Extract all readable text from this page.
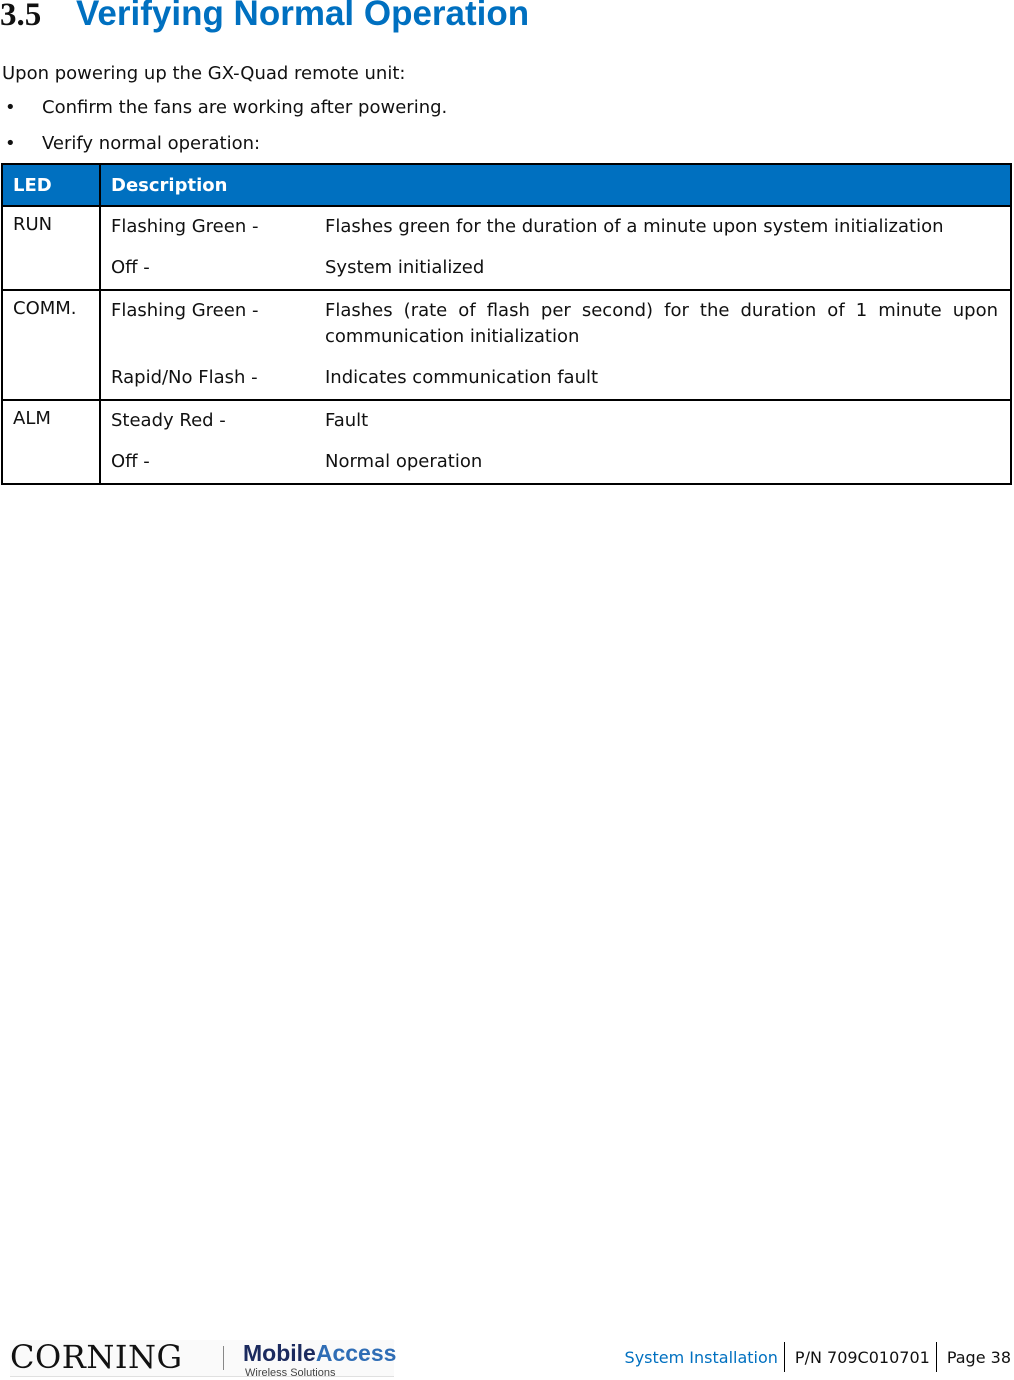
3.5 Verifying Normal Operation
Upon powering up the GX-Quad remote unit:
• Confirm the fans are working after powering.
• Verify normal operation:
LED	Description
RUN	Flashing Green - Flashes green for the duration of a minute upon system initialization
Off - System initialized

COMM.	Flashing Green - Flashes (rate of flash per second) for the duration of 1 minute upon communication initialization
Rapid/No Flash - Indicates communication fault

ALM	Steady Red - Fault
Off - Normal operation
CORNING	MobileAccess
Wireless Solutions
System Installation P/N 709C010701 Page 38
